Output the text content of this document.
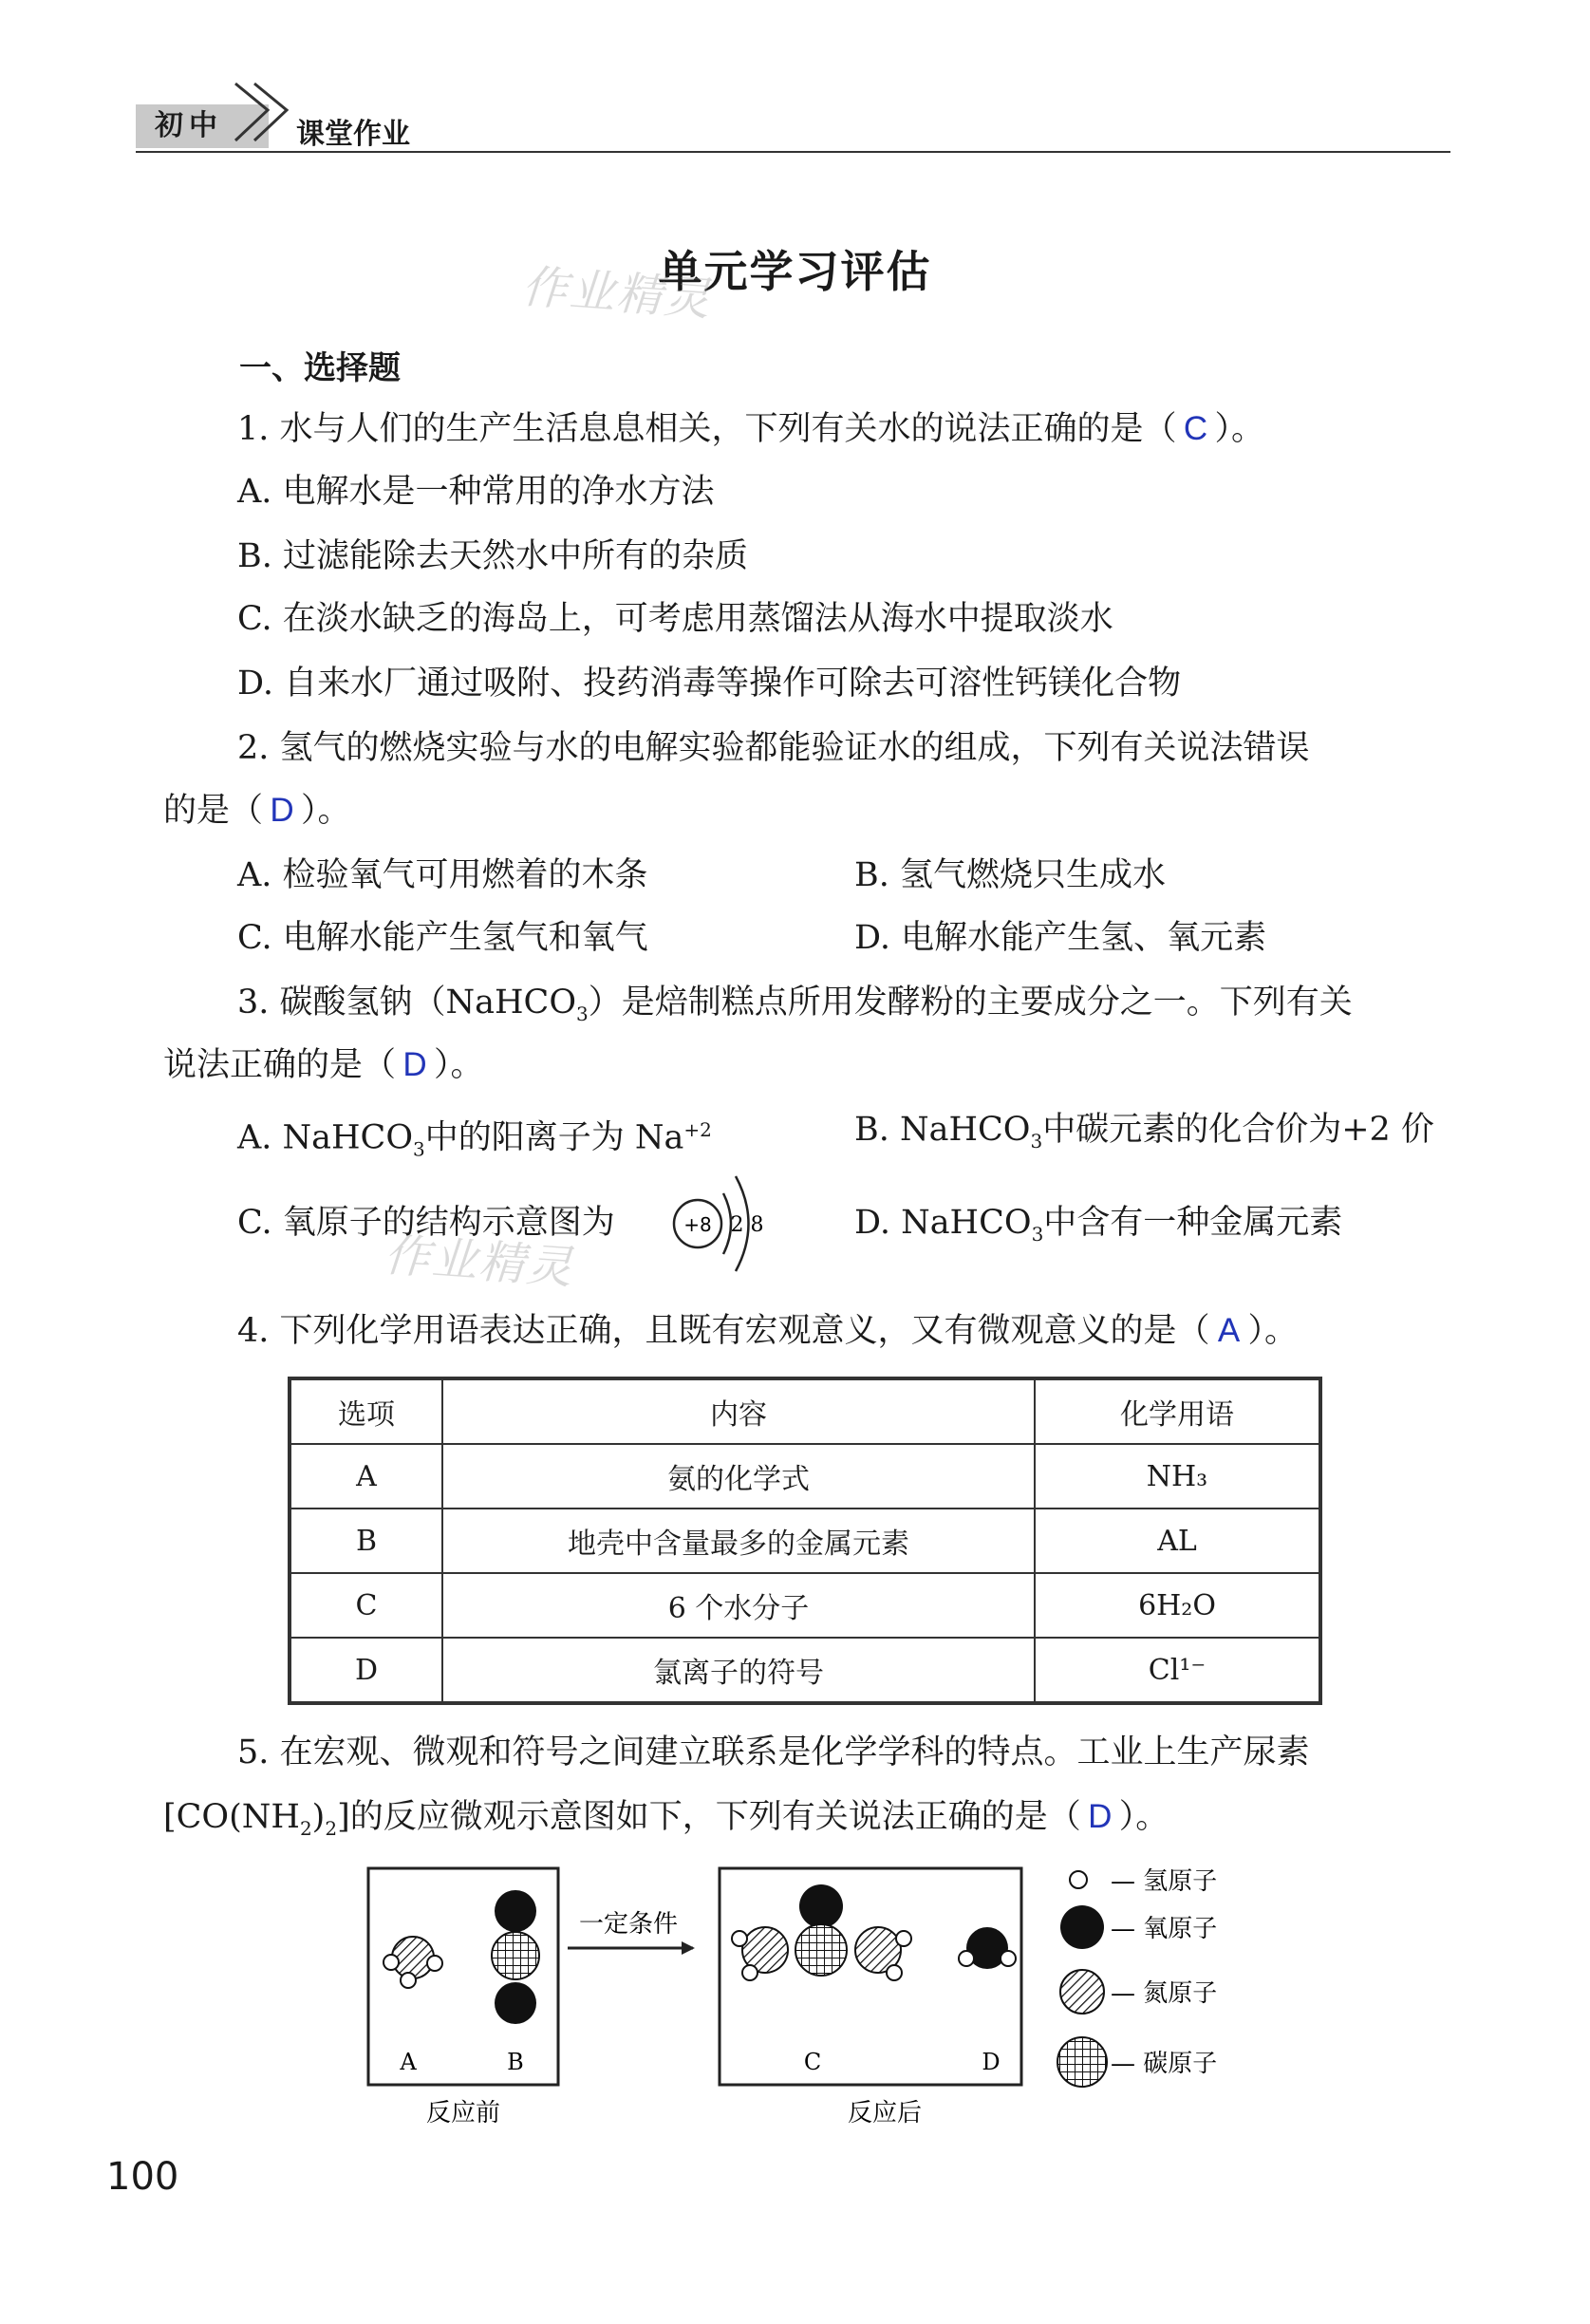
初中	课堂作业
单元学习评估
作业精灵
作业精灵
一、选择题
1. 水与人们的生产生活息息相关，下列有关水的说法正确的是（ C ）。
A. 电解水是一种常用的净水方法
B. 过滤能除去天然水中所有的杂质
C. 在淡水缺乏的海岛上，可考虑用蒸馏法从海水中提取淡水
D. 自来水厂通过吸附、投药消毒等操作可除去可溶性钙镁化合物
2. 氢气的燃烧实验与水的电解实验都能验证水的组成，下列有关说法错误
的是（ D ）。
A. 检验氧气可用燃着的木条	B. 氢气燃烧只生成水
C. 电解水能产生氢气和氧气	D. 电解水能产生氢、氧元素
3. 碳酸氢钠（NaHCO$_3$）是焙制糕点所用发酵粉的主要成分之一。下列有关
说法正确的是（ D ）。
A. NaHCO$_3$中的阳离子为 $Na^{+2}$	B. NaHCO$_3$中碳元素的化合价为+2 价
C. 氧原子的结构示意图为	+8 2 8	D. NaHCO$_3$中含有一种金属元素
4. 下列化学用语表达正确，且既有宏观意义，又有微观意义的是（ A ）。
选项	内容	化学用语
A	氨的化学式	NH₃
B	地壳中含量最多的金属元素	AL
C	6 个水分子	6H₂O
D	氯离子的符号	Cl¹⁻
5. 在宏观、微观和符号之间建立联系是化学学科的特点。工业上生产尿素
$[CO(NH_2)_2]$的反应微观示意图如下，下列有关说法正确的是（ D ）。
A	B
反应前
一定条件
C	D
反应后
— 氢原子
— 氧原子
— 氮原子
— 碳原子
100
